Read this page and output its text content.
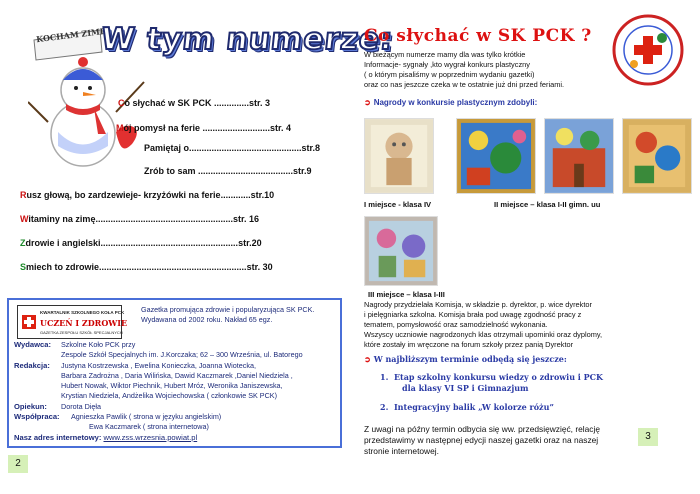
KOCHAM ZIMĘ
W tym numerze:
Co słychać w SK PCK ..............str. 3
Mój pomysł na ferie ...........................str. 4
Pamiętaj o.............................................str.8
Zrób to sam ......................................str.9
Rusz głową, bo zardzewieje- krzyżówki na ferie............str.10
Witaminy na zimę.......................................................str. 16
Zdrowie i angielski.......................................................str.20
Smiech to zdrowie...........................................................str. 30
KWARTALNIK SZKOLNEGO KOŁA PCK
UCZEŃ I ZDROWIE
GAZETKA ZESPOŁU SZKÓŁ SPECJALNYCH
Gazetka promująca zdrowie i popularyzująca SK PCK.
Wydawana od 2002 roku. Nakład 65 egz.
Wydawca: Szkolne Koło PCK przy
Zespole Szkół Specjalnych im. J.Korczaka; 62 – 300 Września, ul. Batorego
Redakcja: Justyna Kostrzewska , Ewelina Konieczka, Joanna Wiotecka,
Barbara Zadrożna , Daria Wilińska, Dawid Kaczmarek ,Daniel Niedziela ,
Hubert Nowak, Wiktor Piechnik, Hubert Mróz, Weronika Janiszewska,
Krystian Niedziela, Andżelika Wojciechowska ( członkowie SK PCK)
Opiekun: Dorota Dięła
Współpraca: Agnieszka Pawlik ( strona w języku angielskim)
Ewa Kaczmarek ( strona internetowa)
Nasz adres internetowy: www.zss.wrzesnia.powiat.pl
2
Co słychać w SK PCK ?
W bieżącym numerze mamy dla was tylko krótkie
Informacje- sygnały ,kto wygrał konkurs plastyczny
( o którym pisaliśmy w poprzednim wydaniu gazetki)
oraz co nas jeszcze czeka w te ostatnie już dni przed feriami.
➲ Nagrody w konkursie plastycznym zdobyli:
I miejsce - klasa IV	II miejsce – klasa I-II gimn. uu
III miejsce – klasa I-III
Nagrody przydzielała Komisja, w składzie p. dyrektor, p. wice dyrektor
i pielęgniarka szkolna. Komisja brała pod uwagę zgodność pracy z
tematem, pomysłowość oraz samodzielność wykonania.
Wszyscy uczniowie nagrodzonych klas otrzymali upominki oraz dyplomy,
które zostały im wręczone na forum szkoły przez panią Dyrektor
➲ W najbliższym terminie odbędą się jeszcze:
1. Etap szkolny konkursu wiedzy o zdrowiu i PCK
dla klasy VI SP i Gimnazjum
2. Integracyjny balik „W kolorze różu”
Z uwagi na późny termin odbycia się ww. przedsięwzięć, relację
przedstawimy w następnej edycji naszej gazetki oraz na naszej
stronie internetowej.
3
